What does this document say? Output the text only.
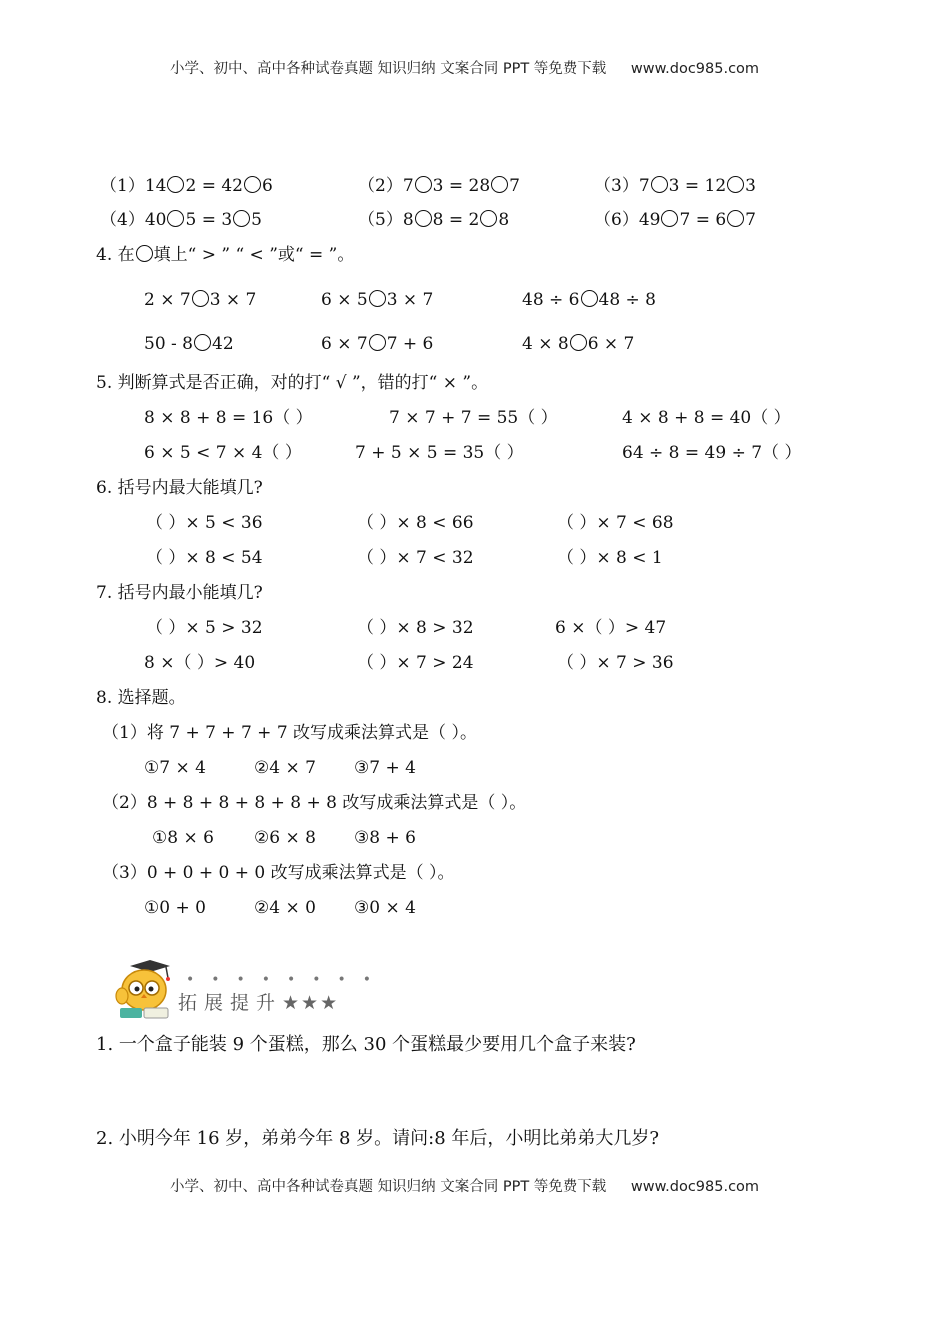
小学、初中、高中各种试卷真题 知识归纳 文案合同 PPT 等免费下载 www.doc985.com
（1）14 2 = 42 6	（2）7 3 = 28 7	（3）7 3 = 12 3
（4）40 5 = 3 5	（5）8 8 = 2 8	（6）49 7 = 6 7
4. 在 填上“ > ” “ < ”或“ = ”。
2 × 7 3 × 7	6 × 5 3 × 7	48 ÷ 6 48 ÷ 8
50 - 8 42	6 × 7 7 + 6	4 × 8 6 × 7
5. 判断算式是否正确，对的打“ √ ”，错的打“ × ”。
8 × 8 + 8 = 16（ ）	7 × 7 + 7 = 55（ ）	4 × 8 + 8 = 40（ ）
6 × 5 < 7 × 4（ ）	7 + 5 × 5 = 35（ ）	64 ÷ 8 = 49 ÷ 7（ ）
6. 括号内最大能填几?
（ ）× 5 < 36	（ ）× 8 < 66	（ ）× 7 < 68
（ ）× 8 < 54	（ ）× 7 < 32	（ ）× 8 < 1
7. 括号内最小能填几?
（ ）× 5 > 32	（ ）× 8 > 32	6 ×（ ）> 47
8 ×（ ）> 40	（ ）× 7 > 24	（ ）× 7 > 36
8. 选择题。
（1）将 7 + 7 + 7 + 7 改写成乘法算式是（ ）。
①7 × 4	②4 × 7 ③7 + 4
（2）8 + 8 + 8 + 8 + 8 + 8 改写成乘法算式是（ ）。
①8 × 6 ②6 × 8 ③8 + 6
（3）0 + 0 + 0 + 0 改写成乘法算式是（ ）。
①0 + 0	②4 × 0 ③0 × 4
••••••••
拓展提升★★★
1. 一个盒子能装 9 个蛋糕，那么 30 个蛋糕最少要用几个盒子来装?
2. 小明今年 16 岁，弟弟今年 8 岁。请问:8 年后，小明比弟弟大几岁?
小学、初中、高中各种试卷真题 知识归纳 文案合同 PPT 等免费下载 www.doc985.com
